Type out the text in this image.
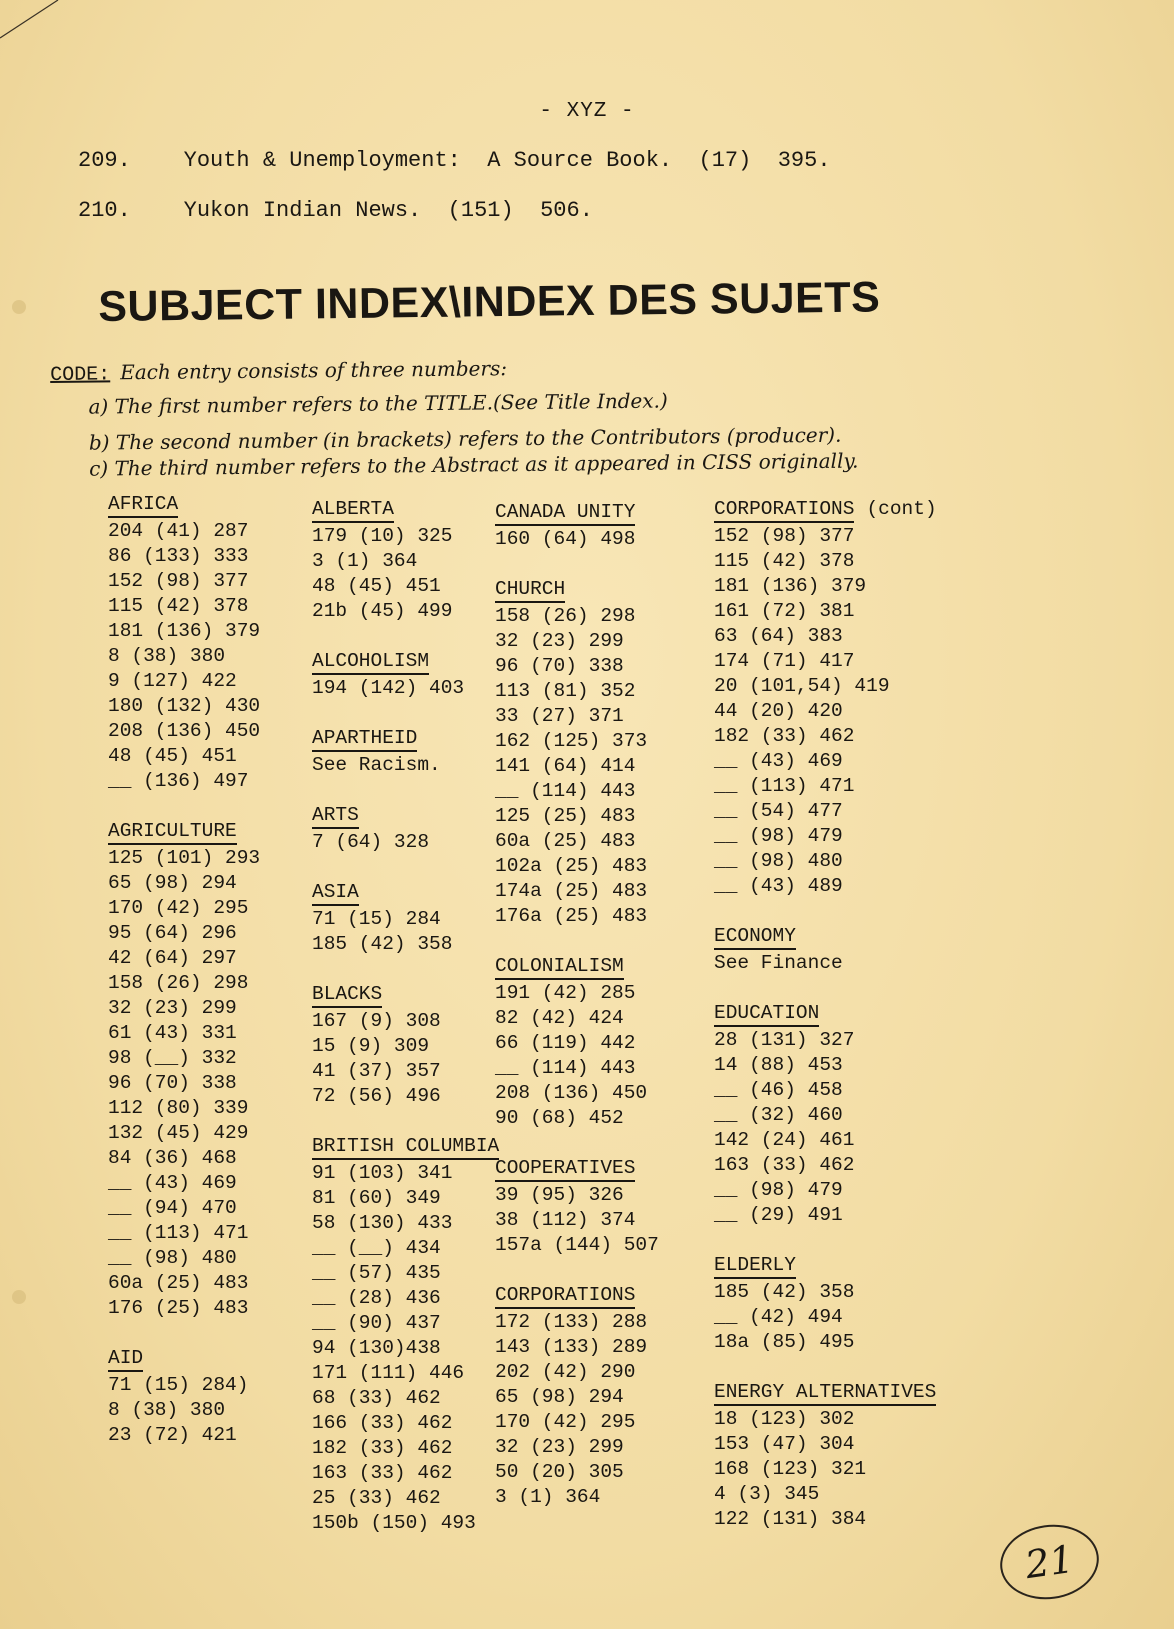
- XYZ -
209. Youth & Unemployment:  A Source Book.  (17)  395.
210. Yukon Indian News.  (151)  506.
SUBJECT INDEX\INDEX DES SUJETS
CODE: Each entry consists of three numbers:
a) The first number refers to the TITLE.(See Title Index.)
b) The second number (in brackets) refers to the Contributors (producer).
c) The third number refers to the Abstract as it appeared in CISS originally.
AFRICA
204 (41) 287
86 (133) 333
152 (98) 377
115 (42) 378
181 (136) 379
8 (38) 380
9 (127) 422
180 (132) 430
208 (136) 450
48 (45) 451
__ (136) 497
AGRICULTURE
125 (101) 293
65 (98) 294
170 (42) 295
95 (64) 296
42 (64) 297
158 (26) 298
32 (23) 299
61 (43) 331
98 (__) 332
96 (70) 338
112 (80) 339
132 (45) 429
84 (36) 468
__ (43) 469
__ (94) 470
__ (113) 471
__ (98) 480
60a (25) 483
176 (25) 483
AID
71 (15) 284)
8 (38) 380
23 (72) 421
ALBERTA
179 (10) 325
3 (1) 364
48 (45) 451
21b (45) 499
ALCOHOLISM
194 (142) 403
APARTHEID
See Racism.
ARTS
7 (64) 328
ASIA
71 (15) 284
185 (42) 358
BLACKS
167 (9) 308
15 (9) 309
41 (37) 357
72 (56) 496
BRITISH COLUMBIA
91 (103) 341
81 (60) 349
58 (130) 433
__ (__) 434
__ (57) 435
__ (28) 436
__ (90) 437
94 (130)438
171 (111) 446
68 (33) 462
166 (33) 462
182 (33) 462
163 (33) 462
25 (33) 462
150b (150) 493
CANADA UNITY
160 (64) 498
CHURCH
158 (26) 298
32 (23) 299
96 (70) 338
113 (81) 352
33 (27) 371
162 (125) 373
141 (64) 414
__ (114) 443
125 (25) 483
60a (25) 483
102a (25) 483
174a (25) 483
176a (25) 483
COLONIALISM
191 (42) 285
82 (42) 424
66 (119) 442
__ (114) 443
208 (136) 450
90 (68) 452
COOPERATIVES
39 (95) 326
38 (112) 374
157a (144) 507
CORPORATIONS
172 (133) 288
143 (133) 289
202 (42) 290
65 (98) 294
170 (42) 295
32 (23) 299
50 (20) 305
3 (1) 364
CORPORATIONS (cont)
152 (98) 377
115 (42) 378
181 (136) 379
161 (72) 381
63 (64) 383
174 (71) 417
20 (101,54) 419
44 (20) 420
182 (33) 462
__ (43) 469
__ (113) 471
__ (54) 477
__ (98) 479
__ (98) 480
__ (43) 489
ECONOMY
See Finance
EDUCATION
28 (131) 327
14 (88) 453
__ (46) 458
__ (32) 460
142 (24) 461
163 (33) 462
__ (98) 479
__ (29) 491
ELDERLY
185 (42) 358
__ (42) 494
18a (85) 495
ENERGY ALTERNATIVES
18 (123) 302
153 (47) 304
168 (123) 321
4 (3) 345
122 (131) 384
21
